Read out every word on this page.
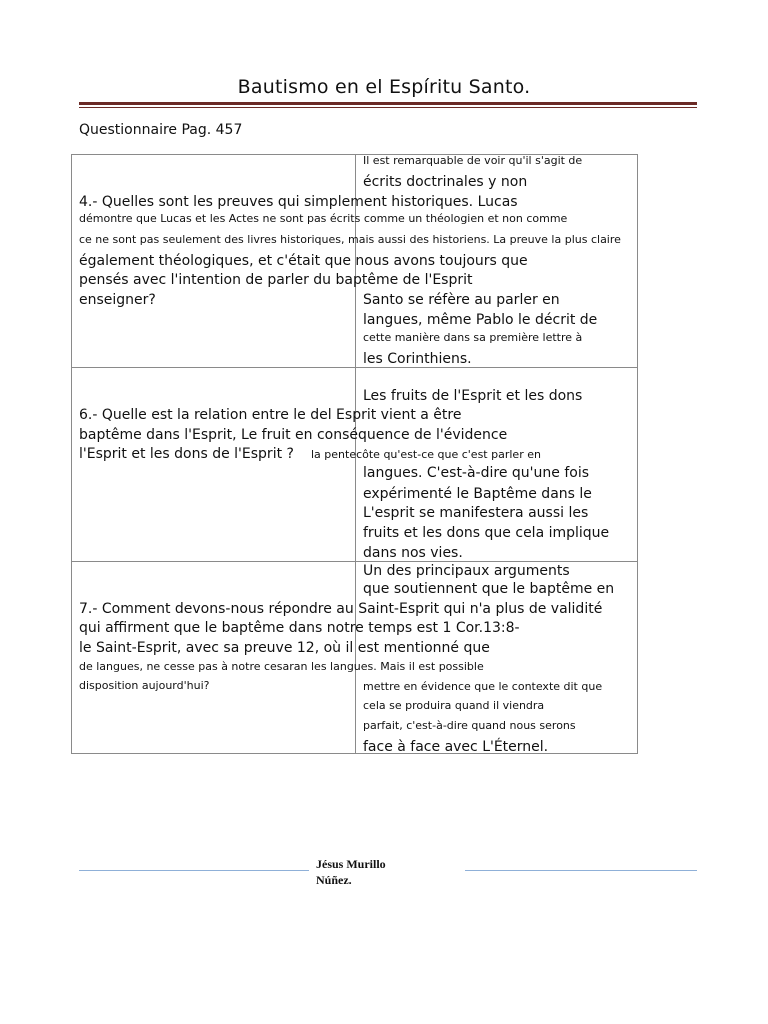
Bautismo en el Espíritu Santo.
Questionnaire Pag. 457
Il est remarquable de voir qu'il s'agit de
écrits doctrinales y non
4.- Quelles sont les preuves qui simplement historiques. Lucas
démontre que Lucas et les Actes ne sont pas écrits comme un théologien et non comme
ce ne sont pas seulement des livres historiques, mais aussi des historiens. La preuve la plus claire
également théologiques, et c'était que nous avons toujours que
pensés avec l'intention de parler du baptême de l'Esprit
enseigner?	Santo se réfère au parler en
langues, même Pablo le décrit de
cette manière dans sa première lettre à
les Corinthiens.
Les fruits de l'Esprit et les dons
6.- Quelle est la relation entre le del Esprit vient a être
baptême dans l'Esprit, Le fruit en conséquence de l'évidence
l'Esprit et les dons de l'Esprit ? la pentecôte qu'est-ce que c'est parler en
langues. C'est-à-dire qu'une fois
expérimenté le Baptême dans le
L'esprit se manifestera aussi les
fruits et les dons que cela implique
dans nos vies.
Un des principaux arguments
que soutiennent que le baptême en
7.- Comment devons-nous répondre au Saint-Esprit qui n'a plus de validité
qui affirment que le baptême dans notre temps est 1 Cor.13:8-
le Saint-Esprit, avec sa preuve 12, où il est mentionné que
de langues, ne cesse pas à notre cesaran les langues. Mais il est possible
disposition aujourd'hui?	mettre en évidence que le contexte dit que
cela se produira quand il viendra
parfait, c'est-à-dire quand nous serons
face à face avec L'Éternel.
Jésus Murillo
Núñez.
